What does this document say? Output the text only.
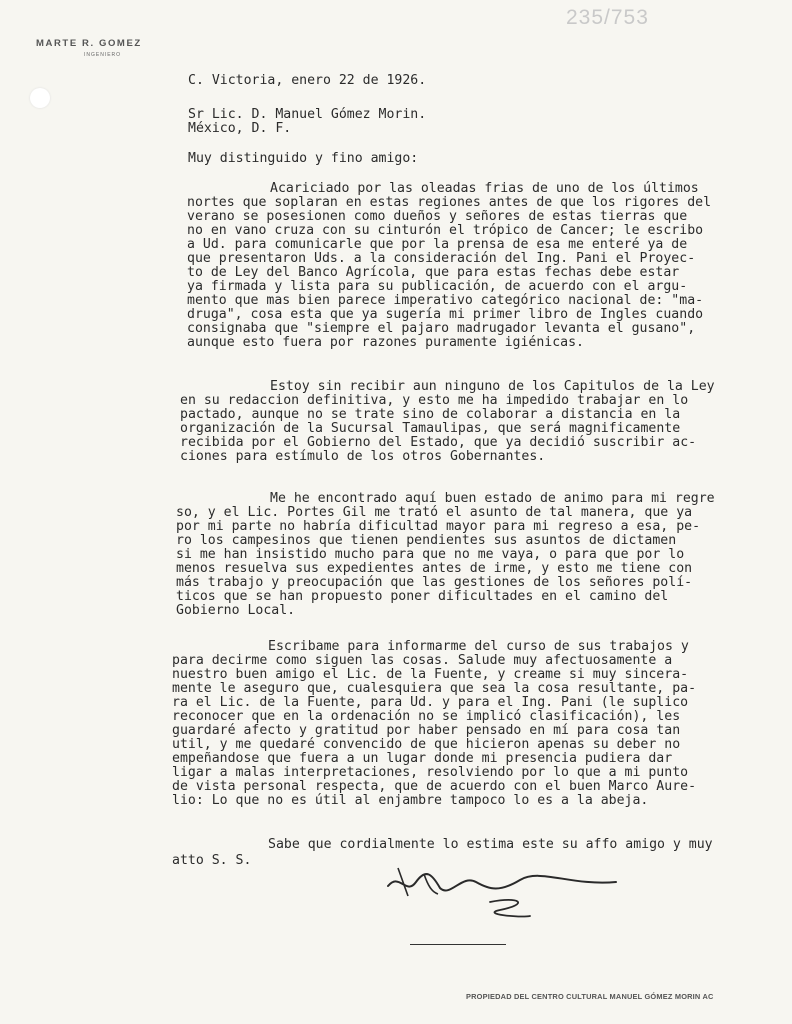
235/753
MARTE R. GOMEZ
INGENIERO
C. Victoria, enero 22 de 1926.
Sr Lic. D. Manuel Gómez Morin.
México, D. F.
Muy distinguido y fino amigo:
Acariciado por las oleadas frias de uno de los últimos
nortes que soplaran en estas regiones antes de que los rigores del
verano se posesionen como dueños y señores de estas tierras que
no en vano cruza con su cinturón el trópico de Cancer; le escribo
a Ud. para comunicarle que por la prensa de esa me enteré ya de
que presentaron Uds. a la consideración del Ing. Pani el Proyec-
to de Ley del Banco Agrícola, que para estas fechas debe estar
ya firmada y lista para su publicación, de acuerdo con el argu-
mento que mas bien parece imperativo categórico nacional de: "ma-
druga", cosa esta que ya sugería mi primer libro de Ingles cuando
consignaba que "siempre el pajaro madrugador levanta el gusano",
aunque esto fuera por razones puramente igiénicas.
Estoy sin recibir aun ninguno de los Capitulos de la Ley
en su redaccion definitiva, y esto me ha impedido trabajar en lo
pactado, aunque no se trate sino de colaborar a distancia en la
organización de la Sucursal Tamaulipas, que será magnificamente
recibida por el Gobierno del Estado, que ya decidió suscribir ac-
ciones para estímulo de los otros Gobernantes.
Me he encontrado aquí buen estado de animo para mi regre
so, y el Lic. Portes Gil me trató el asunto de tal manera, que ya
por mi parte no habría dificultad mayor para mi regreso a esa, pe-
ro los campesinos que tienen pendientes sus asuntos de dictamen
si me han insistido mucho para que no me vaya, o para que por lo
menos resuelva sus expedientes antes de irme, y esto me tiene con
más trabajo y preocupación que las gestiones de los señores polí-
ticos que se han propuesto poner dificultades en el camino del
Gobierno Local.
Escribame para informarme del curso de sus trabajos y
para decirme como siguen las cosas. Salude muy afectuosamente a
nuestro buen amigo el Lic. de la Fuente, y creame si muy sincera-
mente le aseguro que, cualesquiera que sea la cosa resultante, pa-
ra el Lic. de la Fuente, para Ud. y para el Ing. Pani (le suplico
reconocer que en la ordenación no se implicó clasificación), les
guardaré afecto y gratitud por haber pensado en mí para cosa tan
util, y me quedaré convencido de que hicieron apenas su deber no
empeñandose que fuera a un lugar donde mi presencia pudiera dar
ligar a malas interpretaciones, resolviendo por lo que a mi punto
de vista personal respecta, que de acuerdo con el buen Marco Aure-
lio: Lo que no es útil al enjambre tampoco lo es a la abeja.
Sabe que cordialmente lo estima este su affo amigo y muy
atto S. S.
PROPIEDAD DEL CENTRO CULTURAL MANUEL GÓMEZ MORIN AC
